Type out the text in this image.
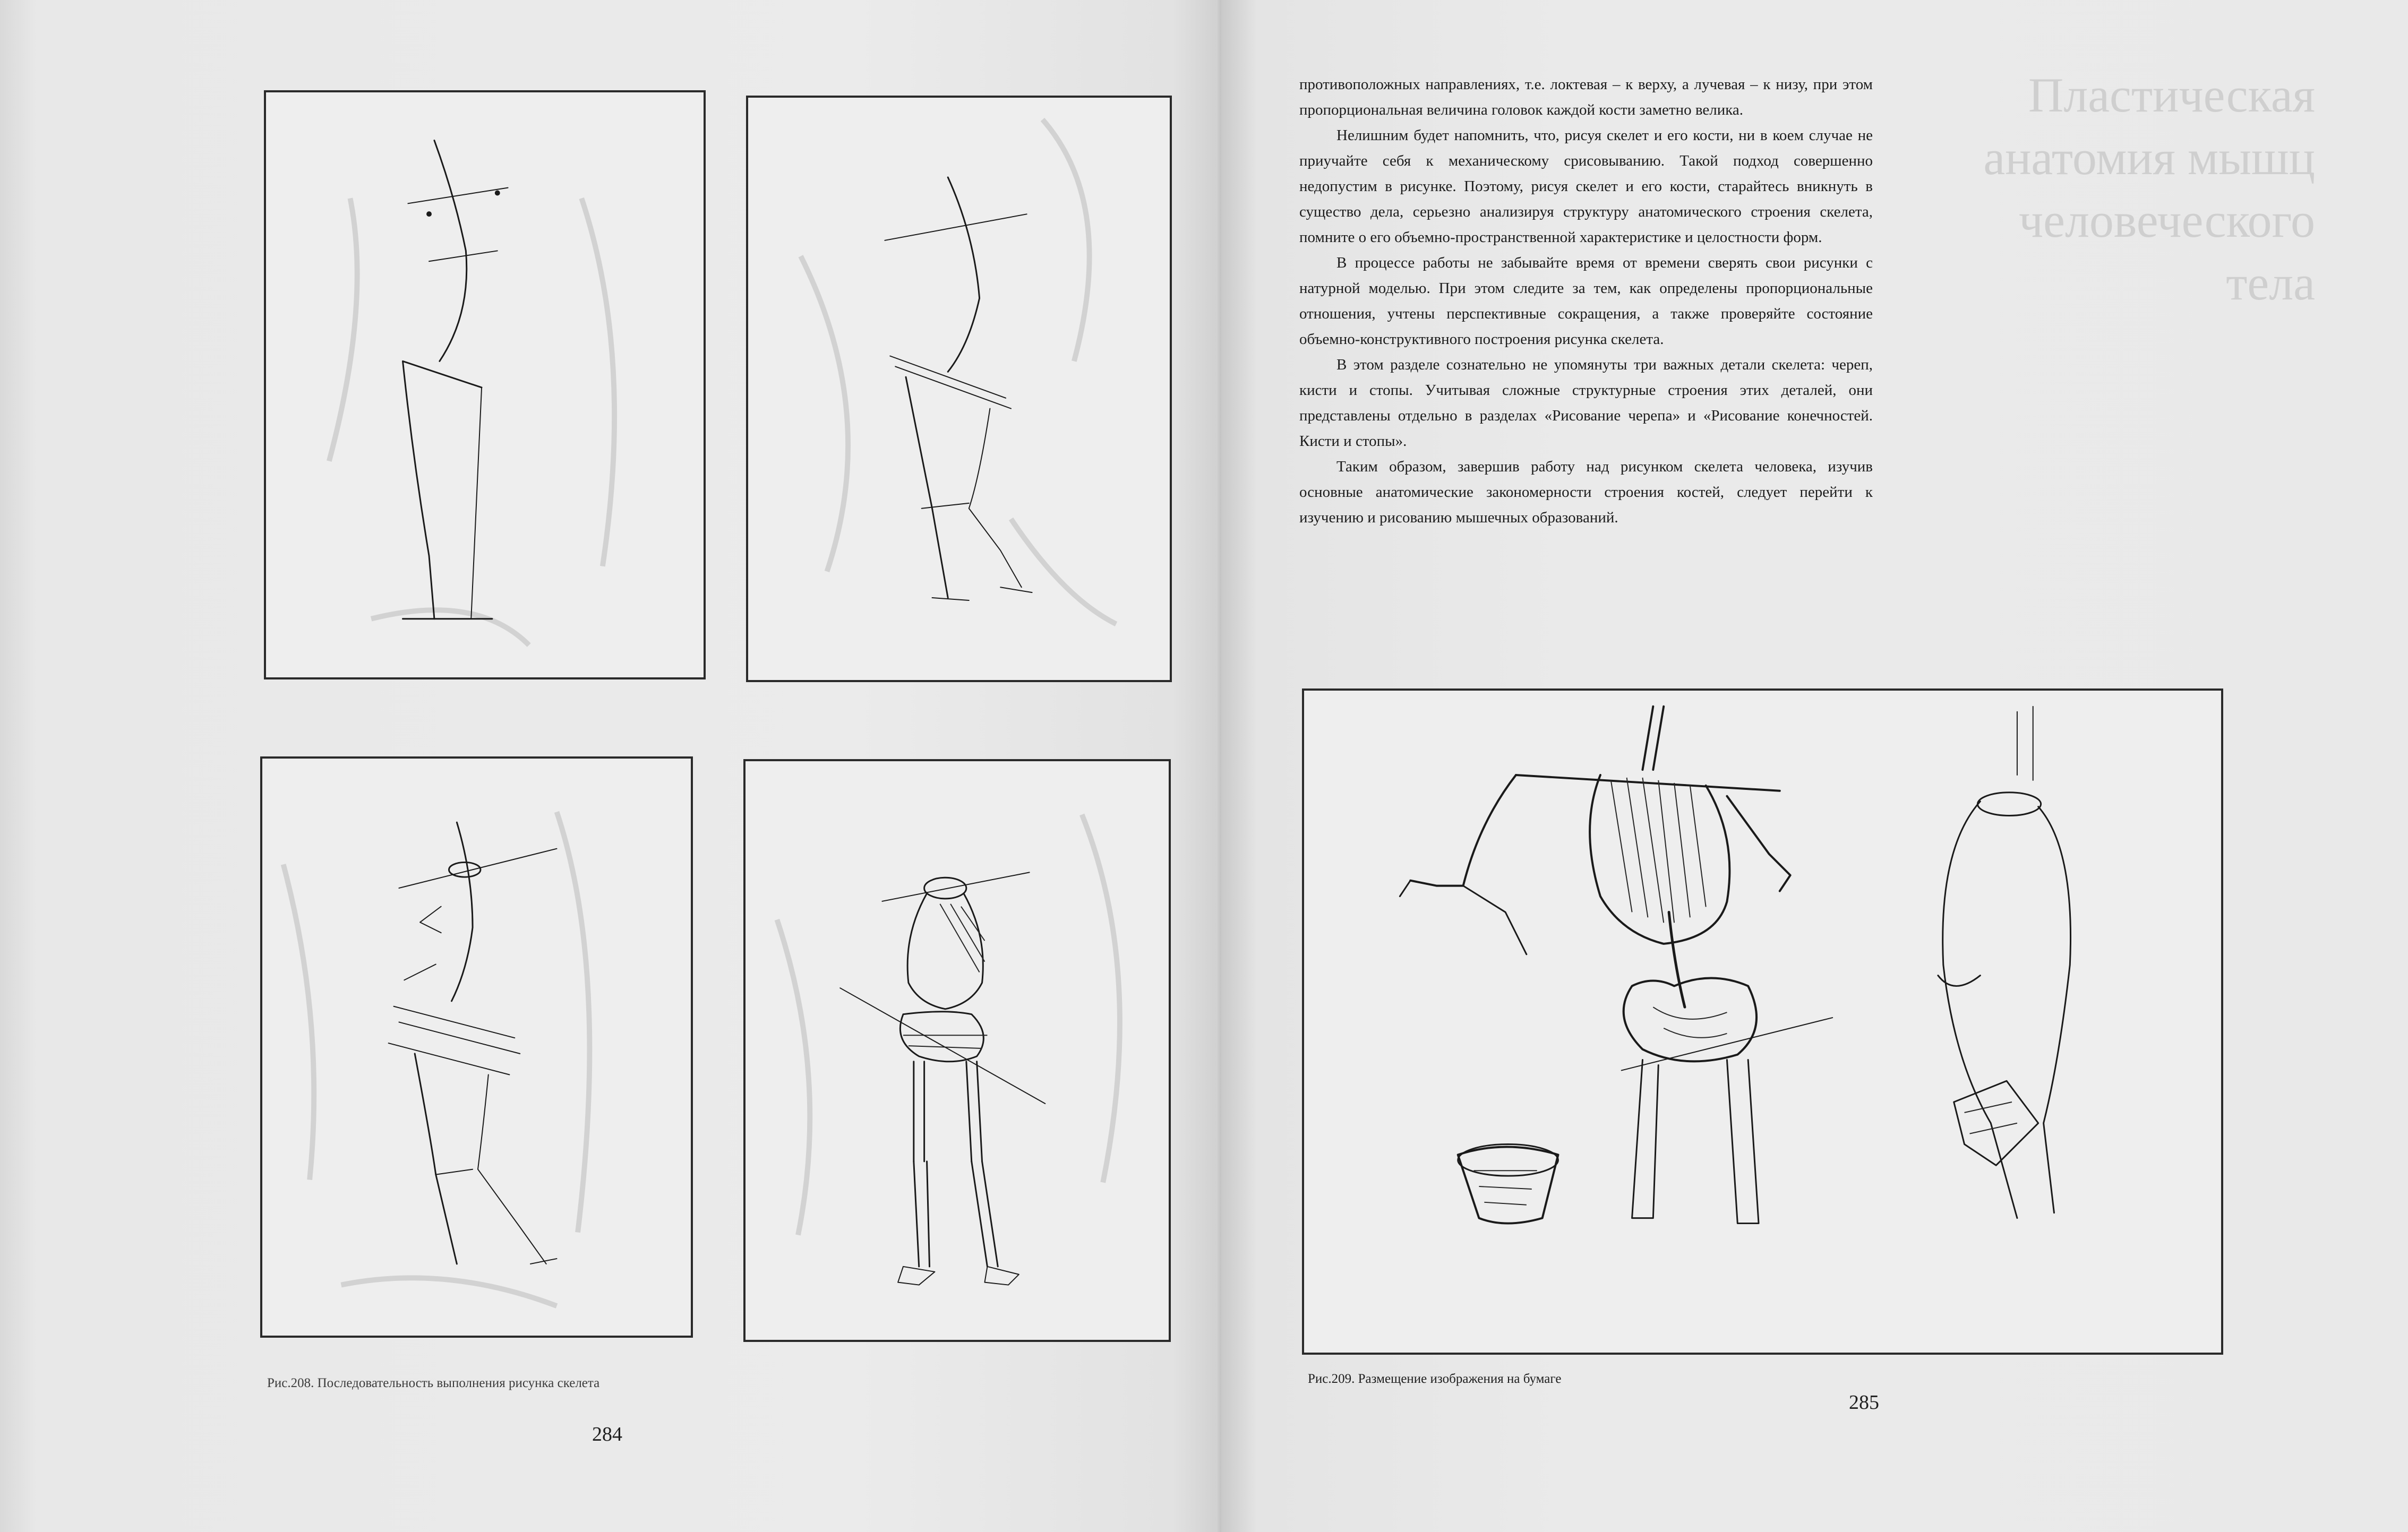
Рис.208. Последовательность выполнения рисунка скелета
284
Пластическая анатомия мышц человеческого тела

противоположных направлениях, т.е. локтевая – к верху, а лучевая – к низу, при этом пропорциональная величина головок каждой кости заметно велика.

Нелишним будет напомнить, что, рисуя скелет и его кости, ни в коем случае не приучайте себя к механическому срисовыванию. Такой подход совершенно недопустим в рисунке. Поэтому, рисуя скелет и его кости, старайтесь вникнуть в существо дела, серьезно анализируя структуру анатомического строения скелета, помните о его объемно-пространственной характеристике и целостности форм.

В процессе работы не забывайте время от времени сверять свои рисунки с натурной моделью. При этом следите за тем, как определены пропорциональные отношения, учтены перспективные сокращения, а также проверяйте состояние объемно-конструктивного построения рисунка скелета.

В этом разделе сознательно не упомянуты три важных детали скелета: череп, кисти и стопы. Учитывая сложные структурные строения этих деталей, они представлены отдельно в разделах «Рисование черепа» и «Рисование конечностей. Кисти и стопы».

Таким образом, завершив работу над рисунком скелета человека, изучив основные анатомические закономерности строения костей, следует перейти к изучению и рисованию мышечных образований.

Рис.209. Размещение изображения на бумаге
285
